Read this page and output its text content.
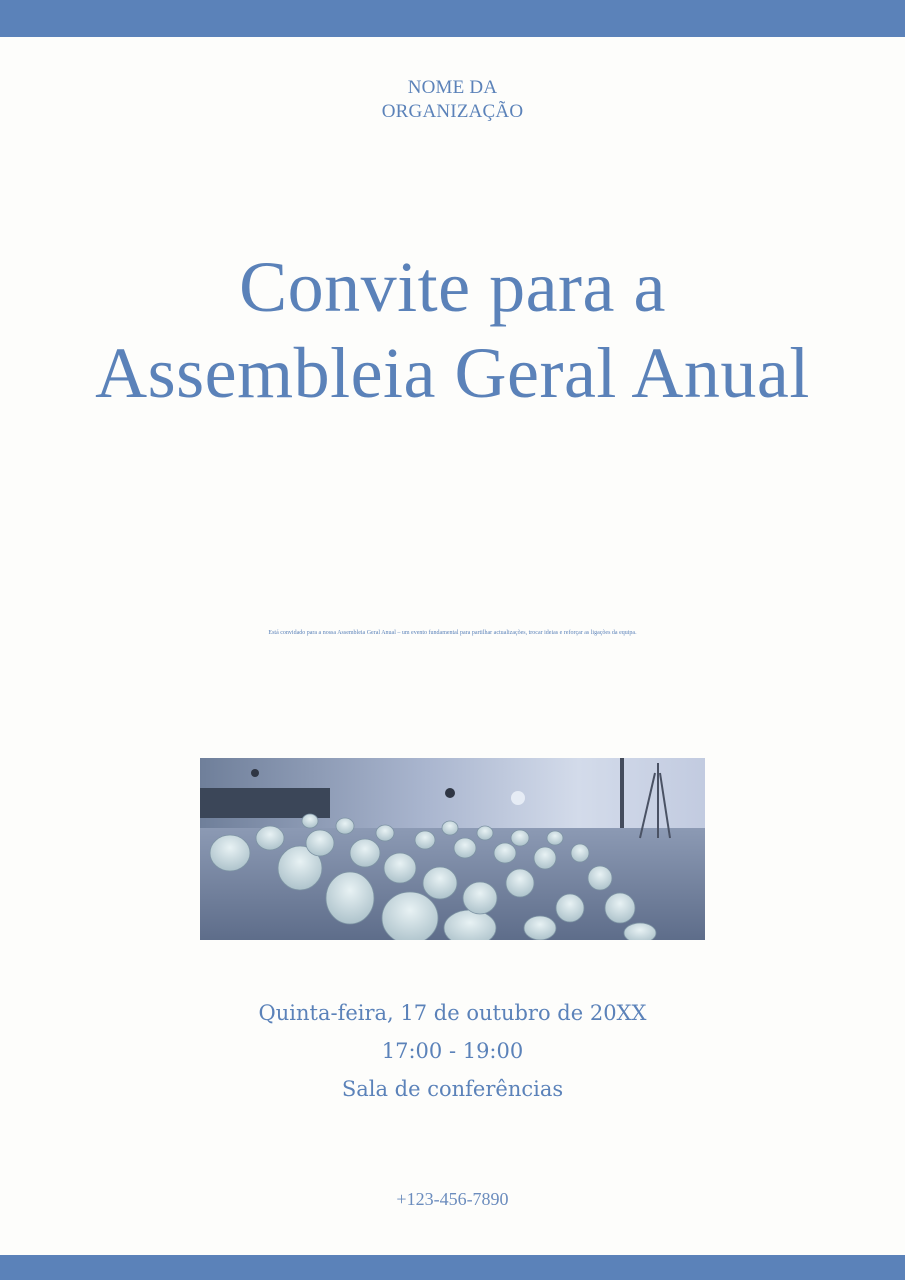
NOME DA
ORGANIZAÇÃO
Convite para a
Assembleia Geral Anual
Está convidado para a nossa Assembleia Geral Anual – um evento fundamental para partilhar actualizações, trocar ideias e reforçar as ligações da equipa.
Quinta-feira, 17 de outubro de 20XX
17:00 - 19:00
Sala de conferências
+123-456-7890
